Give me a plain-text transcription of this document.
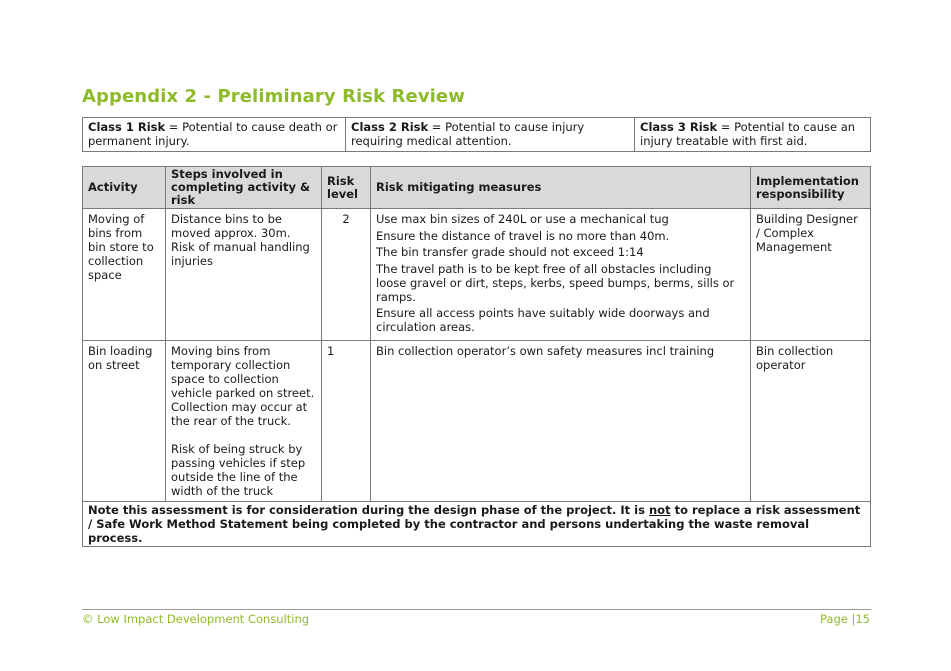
Appendix 2 - Preliminary Risk Review
Class 1 Risk = Potential to cause death or permanent injury.	Class 2 Risk = Potential to cause injury requiring medical attention.	Class 3 Risk = Potential to cause an injury treatable with first aid.
Activity	Steps involved in completing activity & risk	Risk level	Risk mitigating measures	Implementation responsibility
Moving of bins from bin store to collection space	Distance bins to be moved approx. 30m. Risk of manual handling injuries	2	Use max bin sizes of 240L or use a mechanical tug
Ensure the distance of travel is no more than 40m.
The bin transfer grade should not exceed 1:14
The travel path is to be kept free of all obstacles including loose gravel or dirt, steps, kerbs, speed bumps, berms, sills or ramps.
Ensure all access points have suitably wide doorways and circulation areas.	Building Designer / Complex Management
Bin loading on street	Moving bins from temporary collection space to collection vehicle parked on street. Collection may occur at the rear of the truck.
Risk of being struck by passing vehicles if step outside the line of the width of the truck	1	Bin collection operator’s own safety measures incl training	Bin collection operator
Note this assessment is for consideration during the design phase of the project. It is not to replace a risk assessment / Safe Work Method Statement being completed by the contractor and persons undertaking the waste removal process.				
© Low Impact Development Consulting	Page |15
